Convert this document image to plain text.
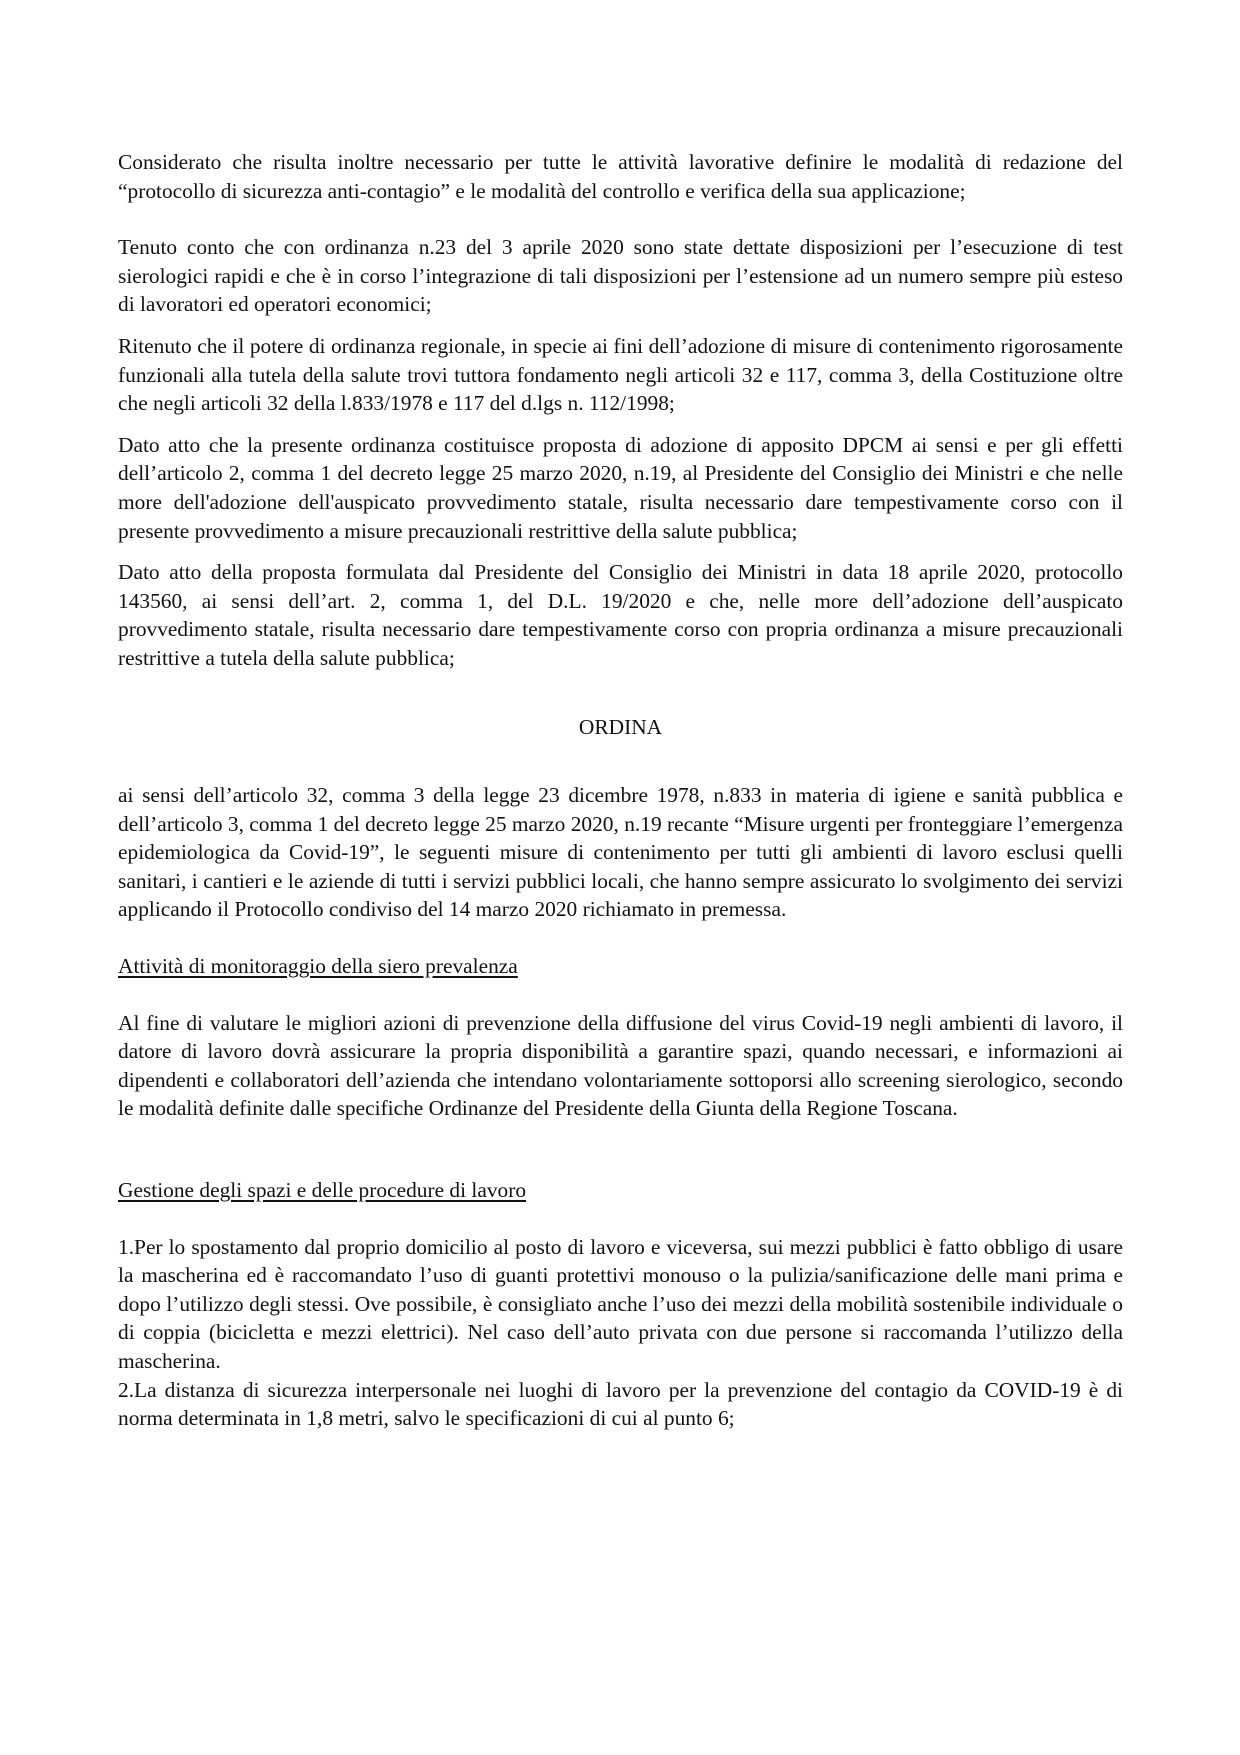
Considerato che risulta inoltre necessario per tutte le attività lavorative definire le modalità di redazione del “protocollo di sicurezza anti-contagio” e le modalità del controllo e verifica della sua applicazione;

Tenuto conto che con ordinanza n.23 del 3 aprile 2020 sono state dettate disposizioni per l’esecuzione di test sierologici rapidi e che è in corso l’integrazione di tali disposizioni per l’estensione ad un numero sempre più esteso di lavoratori ed operatori economici;

Ritenuto che il potere di ordinanza regionale, in specie ai fini dell’adozione di misure di contenimento rigorosamente funzionali alla tutela della salute trovi tuttora fondamento negli articoli 32 e 117, comma 3, della Costituzione oltre che negli articoli 32 della l.833/1978 e 117 del d.lgs n. 112/1998;

Dato atto che la presente ordinanza costituisce proposta di adozione di apposito DPCM ai sensi e per gli effetti dell’articolo 2, comma 1 del decreto legge 25 marzo 2020, n.19, al Presidente del Consiglio dei Ministri e che nelle more dell'adozione dell'auspicato provvedimento statale, risulta necessario dare tempestivamente corso con il presente provvedimento a misure precauzionali restrittive della salute pubblica;

Dato atto della proposta formulata dal Presidente del Consiglio dei Ministri in data 18 aprile 2020, protocollo 143560, ai sensi dell’art. 2, comma 1, del D.L. 19/2020 e che, nelle more dell’adozione dell’auspicato provvedimento statale, risulta necessario dare tempestivamente corso con propria ordinanza a misure precauzionali restrittive a tutela della salute pubblica;

ORDINA

ai sensi dell’articolo 32, comma 3 della legge 23 dicembre 1978, n.833 in materia di igiene e sanità pubblica e dell’articolo 3, comma 1 del decreto legge 25 marzo 2020, n.19 recante “Misure urgenti per fronteggiare l’emergenza epidemiologica da Covid-19”, le seguenti misure di contenimento per tutti gli ambienti di lavoro esclusi quelli sanitari, i cantieri e le aziende di tutti i servizi pubblici locali, che hanno sempre assicurato lo svolgimento dei servizi applicando il Protocollo condiviso del 14 marzo 2020 richiamato in premessa.

Attività di monitoraggio della siero prevalenza

Al fine di valutare le migliori azioni di prevenzione della diffusione del virus Covid-19 negli ambienti di lavoro, il datore di lavoro dovrà assicurare la propria disponibilità a garantire spazi, quando necessari, e informazioni ai dipendenti e collaboratori dell’azienda che intendano volontariamente sottoporsi allo screening sierologico, secondo le modalità definite dalle specifiche Ordinanze del Presidente della Giunta della Regione Toscana.

Gestione degli spazi e delle procedure di lavoro

1.Per lo spostamento dal proprio domicilio al posto di lavoro e viceversa, sui mezzi pubblici è fatto obbligo di usare la mascherina ed è raccomandato l’uso di guanti protettivi monouso o la pulizia/sanificazione delle mani prima e dopo l’utilizzo degli stessi. Ove possibile, è consigliato anche l’uso dei mezzi della mobilità sostenibile individuale o di coppia (bicicletta e mezzi elettrici). Nel caso dell’auto privata con due persone si raccomanda l’utilizzo della mascherina.

2.La distanza di sicurezza interpersonale nei luoghi di lavoro per la prevenzione del contagio da COVID-19 è di norma determinata in 1,8 metri, salvo le specificazioni di cui al punto 6;
